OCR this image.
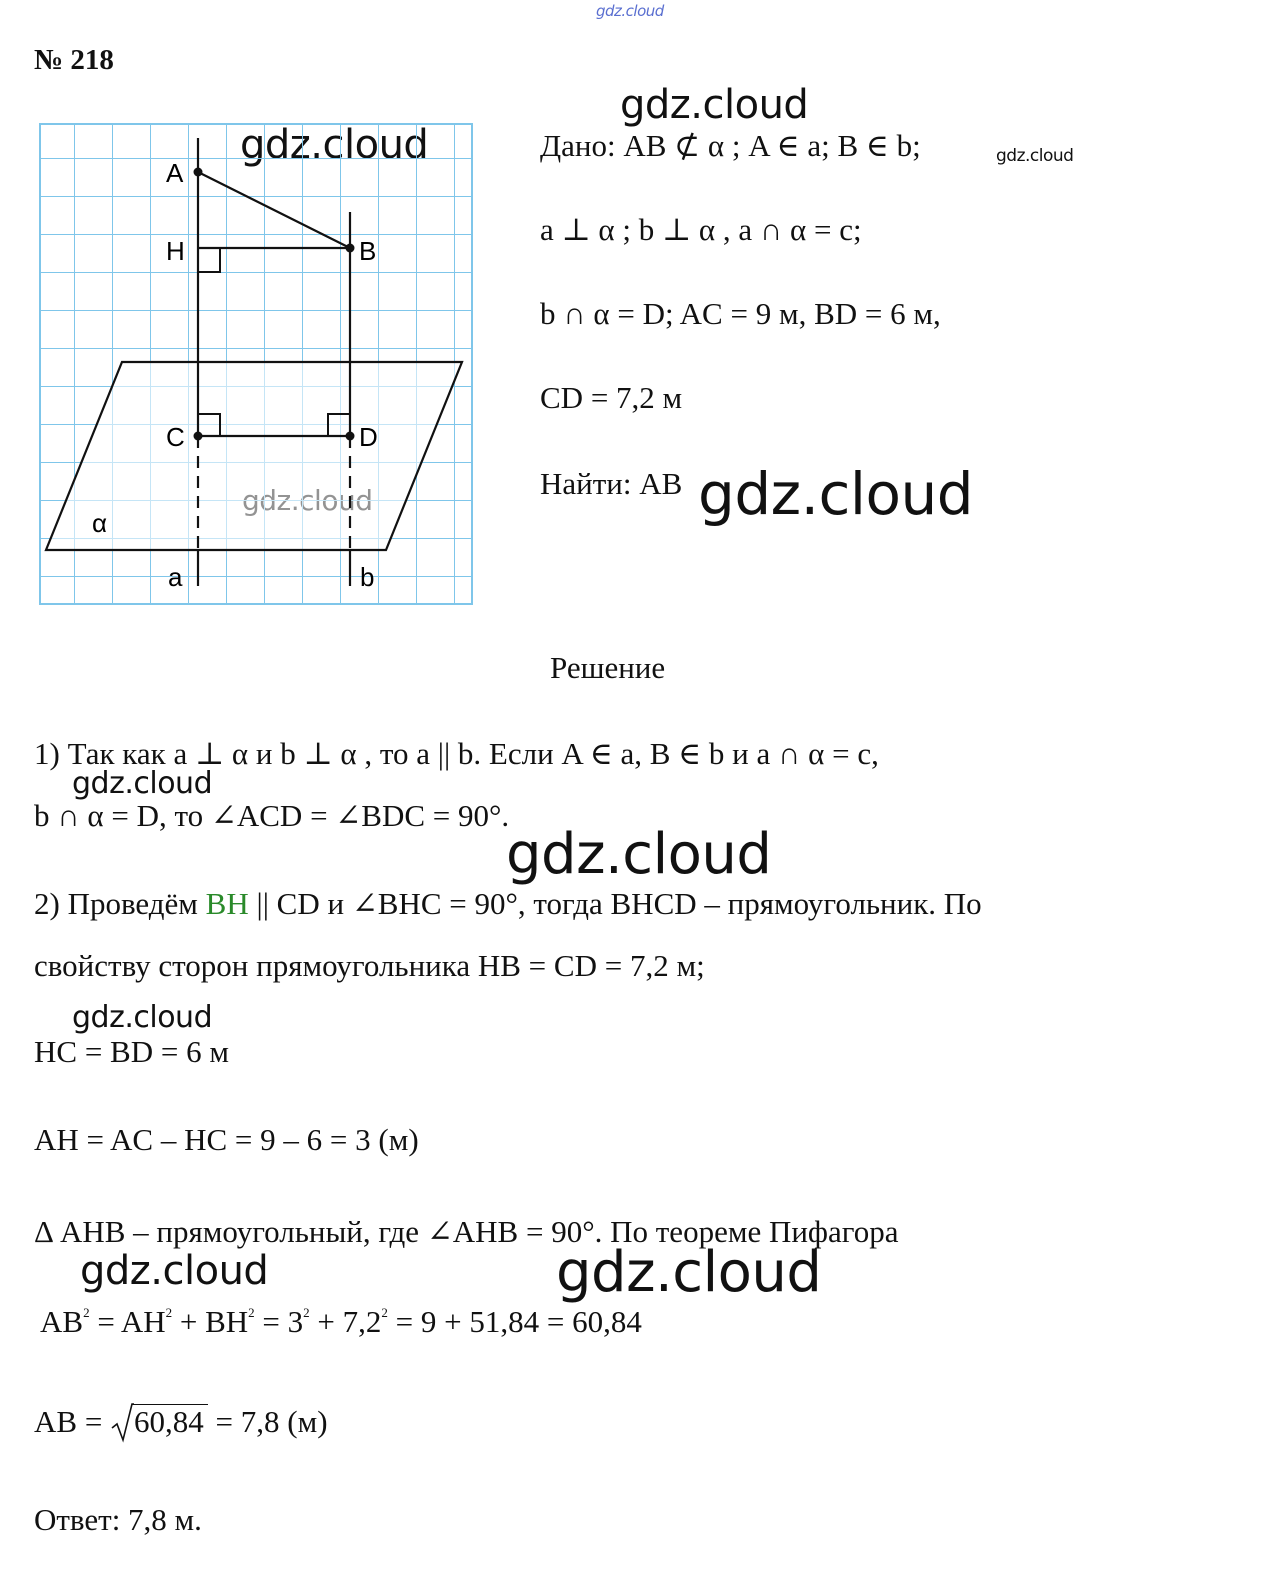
gdz.cloud
gdz.cloud
gdz.cloud
gdz.cloud
gdz.cloud
gdz.cloud
gdz.cloud
gdz.cloud	gdz.cloud
№ 218
A
H	B
C	D
α
a	b
Дано: AB ⊄ α ; A ∈ a; B ∈ b;
a ⊥ α ; b ⊥ α , a ∩ α = c;
b ∩ α = D; AC = 9 м, BD = 6 м,
CD = 7,2 м
Найти: AB
Решение
1) Так как a ⊥ α и b ⊥ α , то a || b. Если A ∈ a, B ∈ b и a ∩ α = c,
b ∩ α = D, то ∠ACD = ∠BDC = 90°.
2) Проведём BH || CD и ∠BHC = 90°, тогда BHCD – прямоугольник. По
свойству сторон прямоугольника HB = CD = 7,2 м;
HC = BD = 6 м
AH = AC – HC = 9 – 6 = 3 (м)
Δ AHB – прямоугольный, где ∠AHB = 90°. По теореме Пифагора
$AB^2 = AH^2 + BH^2 = 3^2 + 7,2^2 = 9 + 51,84 = 60,84$
AB =
60,84 = 7,8 (м)
Ответ: 7,8 м.
